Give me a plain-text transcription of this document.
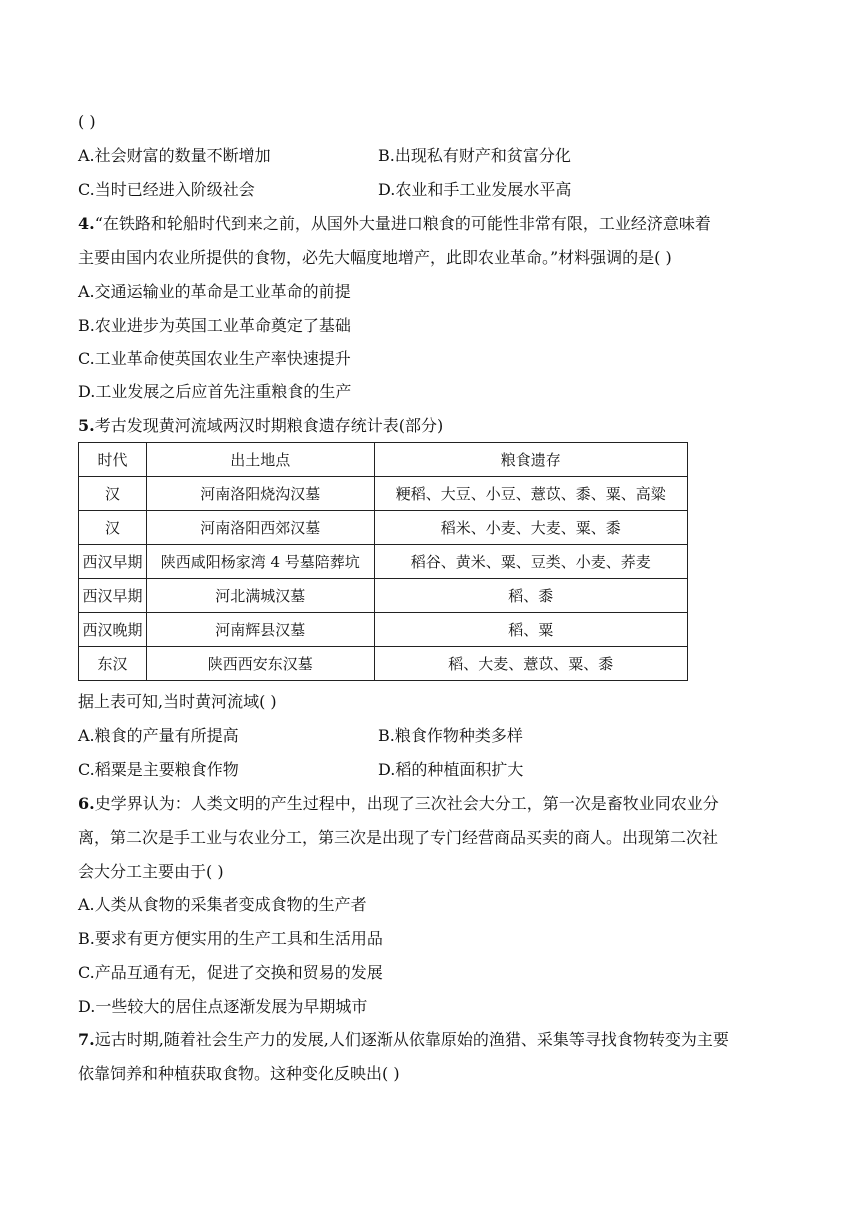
( )
A.社会财富的数量不断增加	B.出现私有财产和贫富分化
C.当时已经进入阶级社会	D.农业和手工业发展水平高
4.“在铁路和轮船时代到来之前，从国外大量进口粮食的可能性非常有限，工业经济意味着
主要由国内农业所提供的食物，必先大幅度地增产，此即农业革命。”材料强调的是( )
A.交通运输业的革命是工业革命的前提
B.农业进步为英国工业革命奠定了基础
C.工业革命使英国农业生产率快速提升
D.工业发展之后应首先注重粮食的生产
5.考古发现黄河流域两汉时期粮食遗存统计表(部分)
时代	出土地点	粮食遗存
汉	河南洛阳烧沟汉墓	粳稻、大豆、小豆、薏苡、黍、粟、高粱
汉	河南洛阳西郊汉墓	稻米、小麦、大麦、粟、黍
西汉早期	陕西咸阳杨家湾 4 号墓陪葬坑	稻谷、黄米、粟、豆类、小麦、荞麦
西汉早期	河北满城汉墓	稻、黍
西汉晚期	河南辉县汉墓	稻、粟
东汉	陕西西安东汉墓	稻、大麦、薏苡、粟、黍
据上表可知,当时黄河流域( )
A.粮食的产量有所提高	B.粮食作物种类多样
C.稻粟是主要粮食作物	D.稻的种植面积扩大
6.史学界认为：人类文明的产生过程中，出现了三次社会大分工，第一次是畜牧业同农业分
离，第二次是手工业与农业分工，第三次是出现了专门经营商品买卖的商人。出现第二次社
会大分工主要由于( )
A.人类从食物的采集者变成食物的生产者
B.要求有更方便实用的生产工具和生活用品
C.产品互通有无，促进了交换和贸易的发展
D.一些较大的居住点逐渐发展为早期城市
7.远古时期,随着社会生产力的发展,人们逐渐从依靠原始的渔猎、采集等寻找食物转变为主要
依靠饲养和种植获取食物。这种变化反映出( )
